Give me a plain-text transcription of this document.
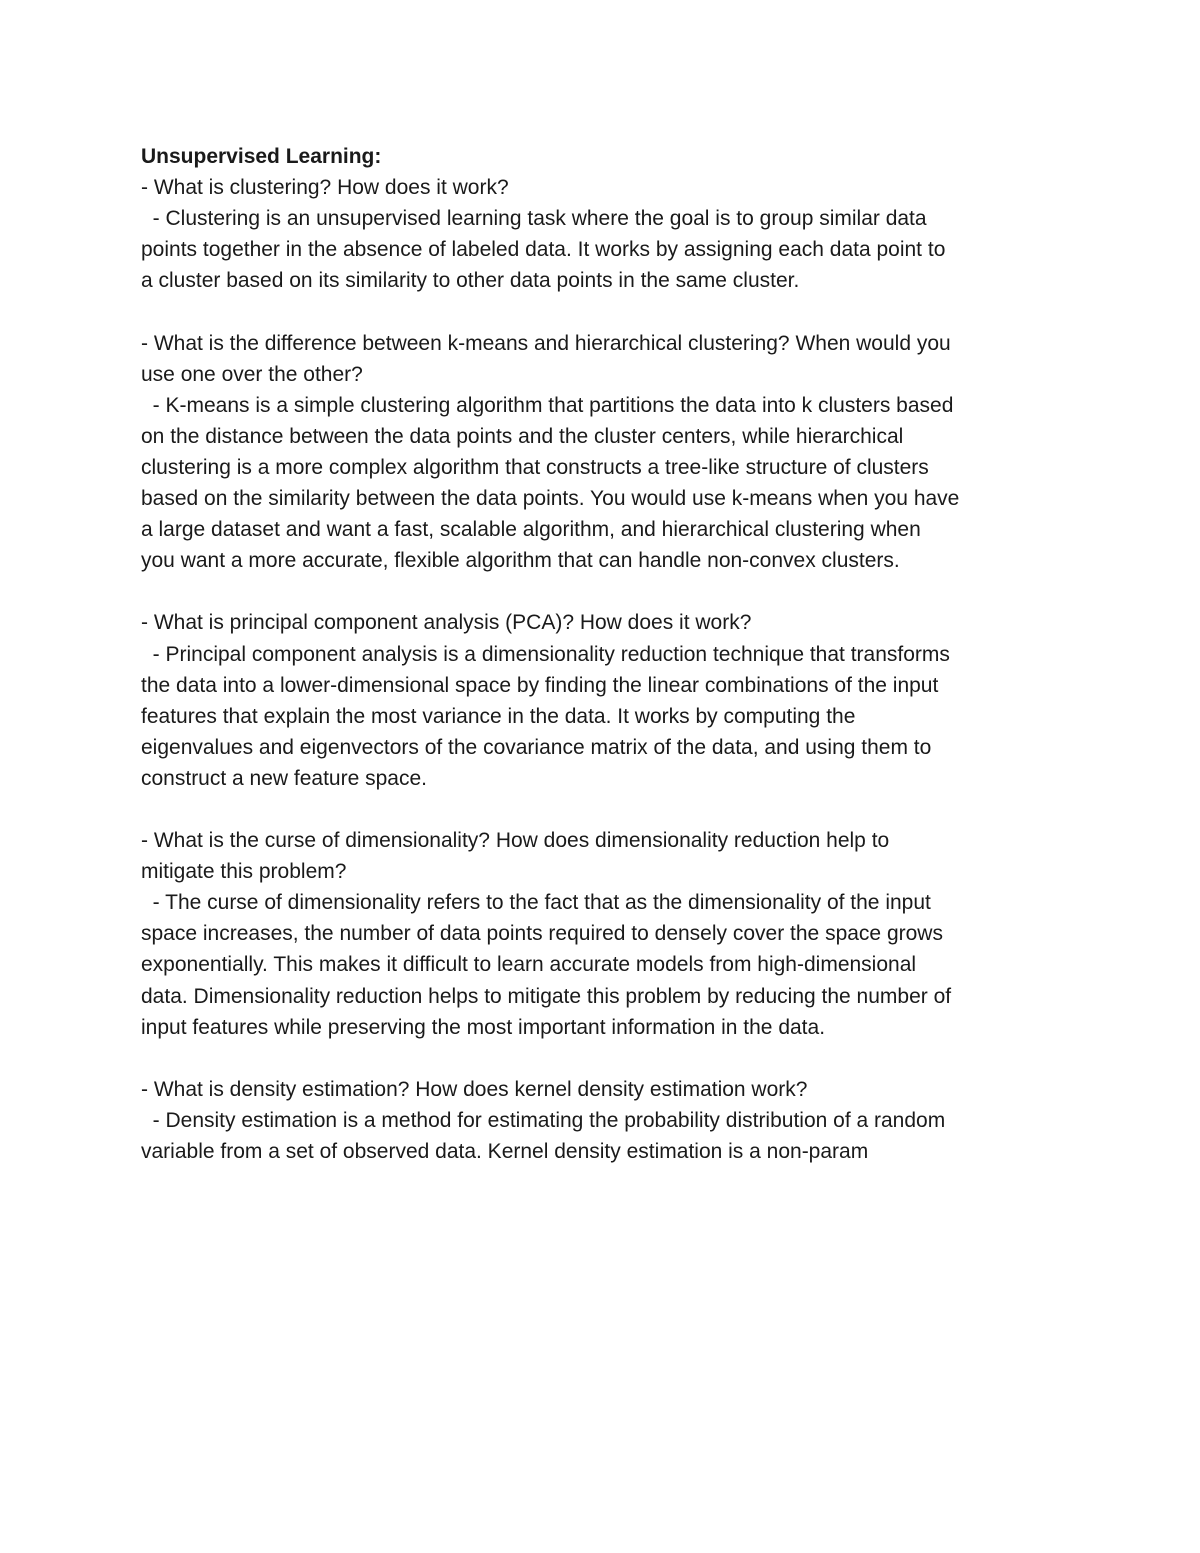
Unsupervised Learning:
- What is clustering? How does it work?
- Clustering is an unsupervised learning task where the goal is to group similar data
points together in the absence of labeled data. It works by assigning each data point to
a cluster based on its similarity to other data points in the same cluster.
- What is the difference between k-means and hierarchical clustering? When would you
use one over the other?
- K-means is a simple clustering algorithm that partitions the data into k clusters based
on the distance between the data points and the cluster centers, while hierarchical
clustering is a more complex algorithm that constructs a tree-like structure of clusters
based on the similarity between the data points. You would use k-means when you have
a large dataset and want a fast, scalable algorithm, and hierarchical clustering when
you want a more accurate, flexible algorithm that can handle non-convex clusters.
- What is principal component analysis (PCA)? How does it work?
- Principal component analysis is a dimensionality reduction technique that transforms
the data into a lower-dimensional space by finding the linear combinations of the input
features that explain the most variance in the data. It works by computing the
eigenvalues and eigenvectors of the covariance matrix of the data, and using them to
construct a new feature space.
- What is the curse of dimensionality? How does dimensionality reduction help to
mitigate this problem?
- The curse of dimensionality refers to the fact that as the dimensionality of the input
space increases, the number of data points required to densely cover the space grows
exponentially. This makes it difficult to learn accurate models from high-dimensional
data. Dimensionality reduction helps to mitigate this problem by reducing the number of
input features while preserving the most important information in the data.
- What is density estimation? How does kernel density estimation work?
- Density estimation is a method for estimating the probability distribution of a random
variable from a set of observed data. Kernel density estimation is a non-param
